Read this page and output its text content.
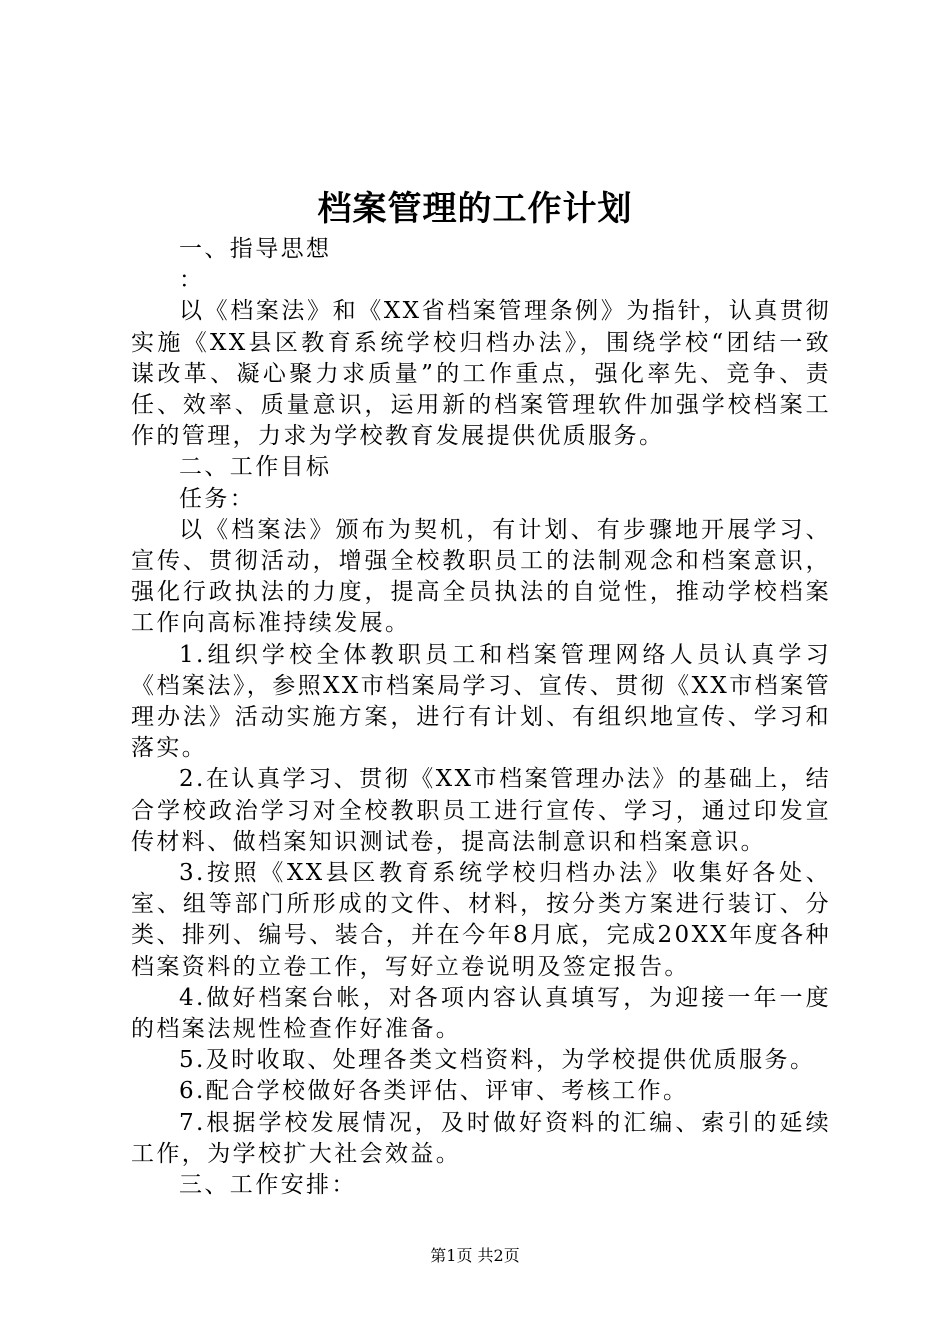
档案管理的工作计划

一、指导思想

：

以《档案法》和《XX省档案管理条例》为指针，认真贯彻实施《XX县区教育系统学校归档办法》，围绕学校“团结一致谋改革、凝心聚力求质量”的工作重点，强化率先、竞争、责任、效率、质量意识，运用新的档案管理软件加强学校档案工作的管理，力求为学校教育发展提供优质服务。

二、工作目标

任务：

以《档案法》颁布为契机，有计划、有步骤地开展学习、宣传、贯彻活动，增强全校教职员工的法制观念和档案意识，强化行政执法的力度，提高全员执法的自觉性，推动学校档案工作向高标准持续发展。

1.组织学校全体教职员工和档案管理网络人员认真学习《档案法》，参照XX市档案局学习、宣传、贯彻《XX市档案管理办法》活动实施方案，进行有计划、有组织地宣传、学习和落实。

2.在认真学习、贯彻《XX市档案管理办法》的基础上，结合学校政治学习对全校教职员工进行宣传、学习，通过印发宣传材料、做档案知识测试卷，提高法制意识和档案意识。

3.按照《XX县区教育系统学校归档办法》收集好各处、室、组等部门所形成的文件、材料，按分类方案进行装订、分类、排列、编号、装合，并在今年8月底，完成20XX年度各种档案资料的立卷工作，写好立卷说明及签定报告。

4.做好档案台帐，对各项内容认真填写，为迎接一年一度的档案法规性检查作好准备。

5.及时收取、处理各类文档资料，为学校提供优质服务。

6.配合学校做好各类评估、评审、考核工作。

7.根据学校发展情况，及时做好资料的汇编、索引的延续工作，为学校扩大社会效益。

三、工作安排：

第1页 共2页
